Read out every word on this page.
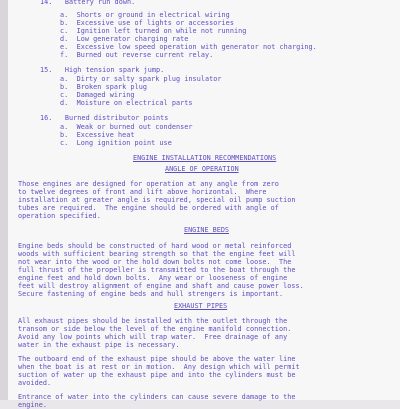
14.   Battery run down.
a.  Shorts or ground in electrical wiring
b.  Excessive use of lights or accessories
c.  Ignition left turned on while not running
d.  Low generator charging rate
e.  Excessive low speed operation with generator not charging.
f.  Burned out reverse current relay.
15.   High tension spark jump.
a.  Dirty or salty spark plug insulator
b.  Broken spark plug
c.  Damaged wiring
d.  Moisture on electrical parts
16.   Burned distributor points
a.  Weak or burned out condenser
b.  Excessive heat
c.  Long ignition point use
ENGINE INSTALLATION RECOMMENDATIONS
ANGLE OF OPERATION
Those engines are designed for operation at any angle from zero
to twelve degrees of front and lift above horizontal.  Where
installation at greater angle is required, special oil pump suction
tubes are required.  The engine should be ordered with angle of
operation specified.
ENGINE BEDS
Engine beds should be constructed of hard wood or metal reinforced
woods with sufficient bearing strength so that the engine feet will
not wear into the wood or the hold down bolts not come loose.  The
full thrust of the propeller is transmitted to the boat through the
engine feet and hold down bolts.  Any wear or looseness of engine
feet will destroy alignment of engine and shaft and cause power loss.
Secure fastening of engine beds and hull strengers is important.
EXHAUST PIPES
All exhaust pipes should be installed with the outlet through the
transom or side below the level of the engine manifold connection.
Avoid any low points which will trap water.  Free drainage of any
water in the exhaust pipe is necessary.
The outboard end of the exhaust pipe should be above the water line
when the boat is at rest or in motion.  Any design which will permit
suction of water up the exhaust pipe and into the cylinders must be
avoided.
Entrance of water into the cylinders can cause severe damage to the
engine.
